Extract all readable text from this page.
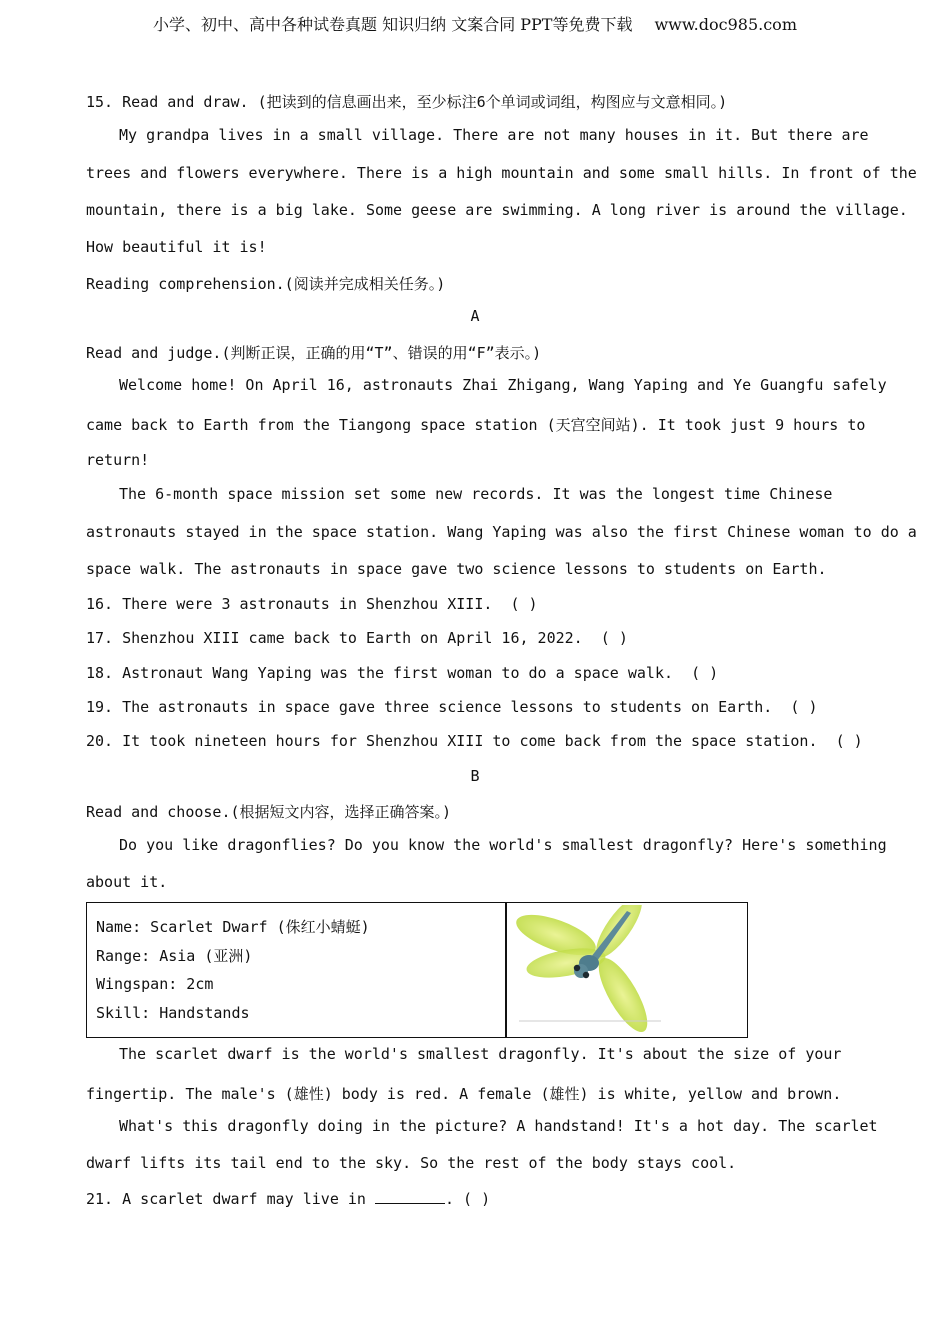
小学、初中、高中各种试卷真题 知识归纳 文案合同 PPT等免费下载 www.doc985.com
15. Read and draw. (把读到的信息画出来，至少标注6个单词或词组，构图应与文意相同。)
My grandpa lives in a small village. There are not many houses in it. But there are
trees and flowers everywhere. There is a high mountain and some small hills. In front of the
mountain, there is a big lake. Some geese are swimming. A long river is around the village.
How beautiful it is!
Reading comprehension.(阅读并完成相关任务。)
A
Read and judge.(判断正误，正确的用“T”、错误的用“F”表示。)
Welcome home! On April 16, astronauts Zhai Zhigang, Wang Yaping and Ye Guangfu safely
came back to Earth from the Tiangong space station (天宫空间站). It took just 9 hours to
return!
The 6-month space mission set some new records. It was the longest time Chinese
astronauts stayed in the space station. Wang Yaping was also the first Chinese woman to do a
space walk. The astronauts in space gave two science lessons to students on Earth.
16. There were 3 astronauts in Shenzhou XIII. ( )
17. Shenzhou XIII came back to Earth on April 16, 2022. ( )
18. Astronaut Wang Yaping was the first woman to do a space walk. ( )
19. The astronauts in space gave three science lessons to students on Earth. ( )
20. It took nineteen hours for Shenzhou XIII to come back from the space station. ( )
B
Read and choose.(根据短文内容，选择正确答案。)
Do you like dragonflies? Do you know the world's smallest dragonfly? Here's something
about it.
Name: Scarlet Dwarf (侏红小蜻蜓)
Range: Asia (亚洲)
Wingspan: 2cm
Skill: Handstands
The scarlet dwarf is the world's smallest dragonfly. It's about the size of your
fingertip. The male's (雄性) body is red. A female (雄性) is white, yellow and brown.
What's this dragonfly doing in the picture? A handstand! It's a hot day. The scarlet
dwarf lifts its tail end to the sky. So the rest of the body stays cool.
21. A scarlet dwarf may live in	. ( )
